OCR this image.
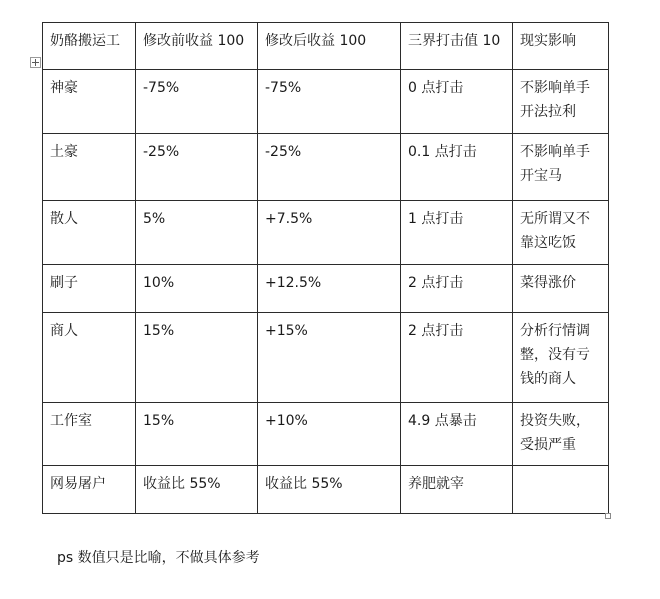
奶酪搬运工	修改前收益 100	修改后收益 100	三界打击值 10	现实影响

神豪	-75%	-75%	0 点打击	不影响单手开法拉利
土豪	-25%	-25%	0.1 点打击	不影响单手开宝马
散人	5%	+7.5%	1 点打击	无所谓又不靠这吃饭
刷子	10%	+12.5%	2 点打击	菜得涨价
商人	15%	+15%	2 点打击	分析行情调整，没有亏钱的商人
工作室	15%	+10%	4.9 点暴击	投资失败，受损严重
网易屠户	收益比 55%	收益比 55%	养肥就宰	
ps 数值只是比喻，不做具体参考
